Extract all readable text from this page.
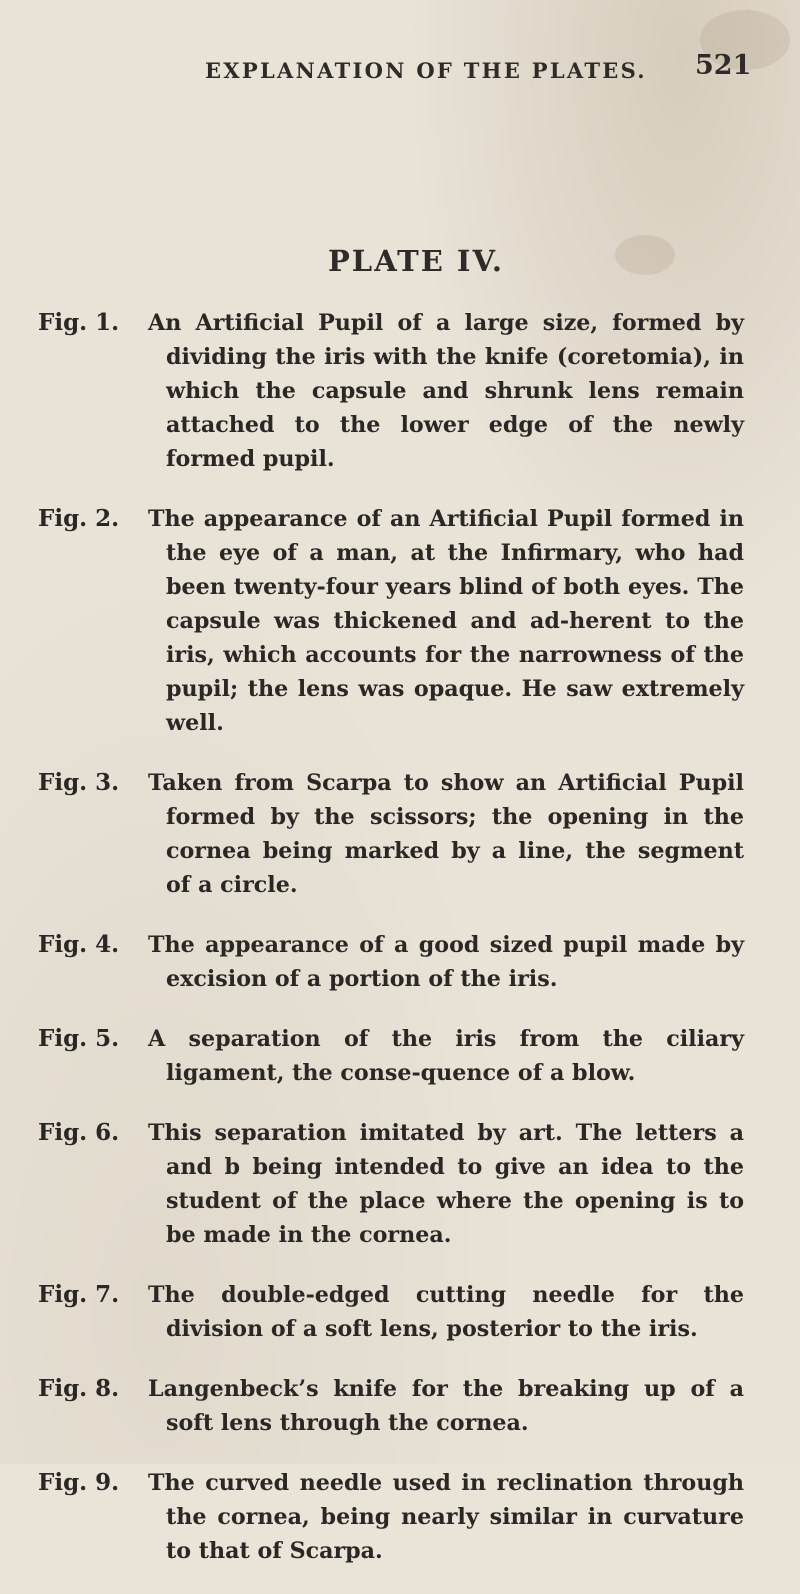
EXPLANATION OF THE PLATES. 521
PLATE IV.
Fig. 1.	An Artificial Pupil of a large size, formed by dividing the iris with the knife (coretomia), in which the capsule and shrunk lens remain attached to the lower edge of the newly formed pupil.

Fig. 2.	The appearance of an Artificial Pupil formed in the eye of a man, at the Infirmary, who had been twenty-four years blind of both eyes. The capsule was thickened and ad-herent to the iris, which accounts for the narrowness of the pupil; the lens was opaque. He saw extremely well.

Fig. 3.	Taken from Scarpa to show an Artificial Pupil formed by the scissors; the opening in the cornea being marked by a line, the segment of a circle.

Fig. 4.	The appearance of a good sized pupil made by excision of a portion of the iris.

Fig. 5.	A separation of the iris from the ciliary ligament, the conse-quence of a blow.

Fig. 6.	This separation imitated by art. The letters a and b being intended to give an idea to the student of the place where the opening is to be made in the cornea.

Fig. 7.	The double-edged cutting needle for the division of a soft lens, posterior to the iris.

Fig. 8.	Langenbeck’s knife for the breaking up of a soft lens through the cornea.

Fig. 9.	The curved needle used in reclination through the cornea, being nearly similar in curvature to that of Scarpa.
